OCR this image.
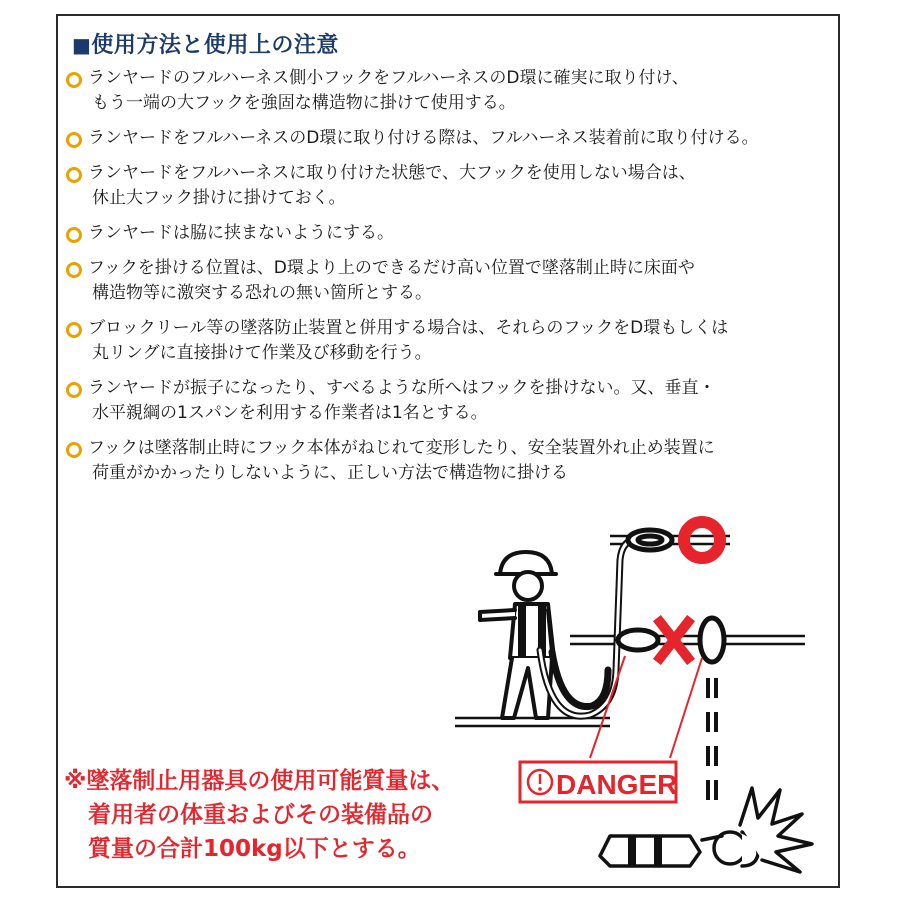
■使用方法と使用上の注意
ランヤードのフルハーネス側小フックをフルハーネスのD環に確実に取り付け、
もう一端の大フックを強固な構造物に掛けて使用する。
ランヤードをフルハーネスのD環に取り付ける際は、フルハーネス装着前に取り付ける。
ランヤードをフルハーネスに取り付けた状態で、大フックを使用しない場合は、
休止大フック掛けに掛けておく。
ランヤードは脇に挟まないようにする。
フックを掛ける位置は、D環より上のできるだけ高い位置で墜落制止時に床面や
構造物等に激突する恐れの無い箇所とする。
ブロックリール等の墜落防止装置と併用する場合は、それらのフックをD環もしくは
丸リングに直接掛けて作業及び移動を行う。
ランヤードが振子になったり、すべるような所へはフックを掛けない。又、垂直・
水平親綱の1スパンを利用する作業者は1名とする。
フックは墜落制止時にフック本体がねじれて変形したり、安全装置外れ止め装置に
荷重がかかったりしないように、正しい方法で構造物に掛ける
※墜落制止用器具の使用可能質量は、
着用者の体重およびその装備品の
質量の合計100kg以下とする。
DANGER
